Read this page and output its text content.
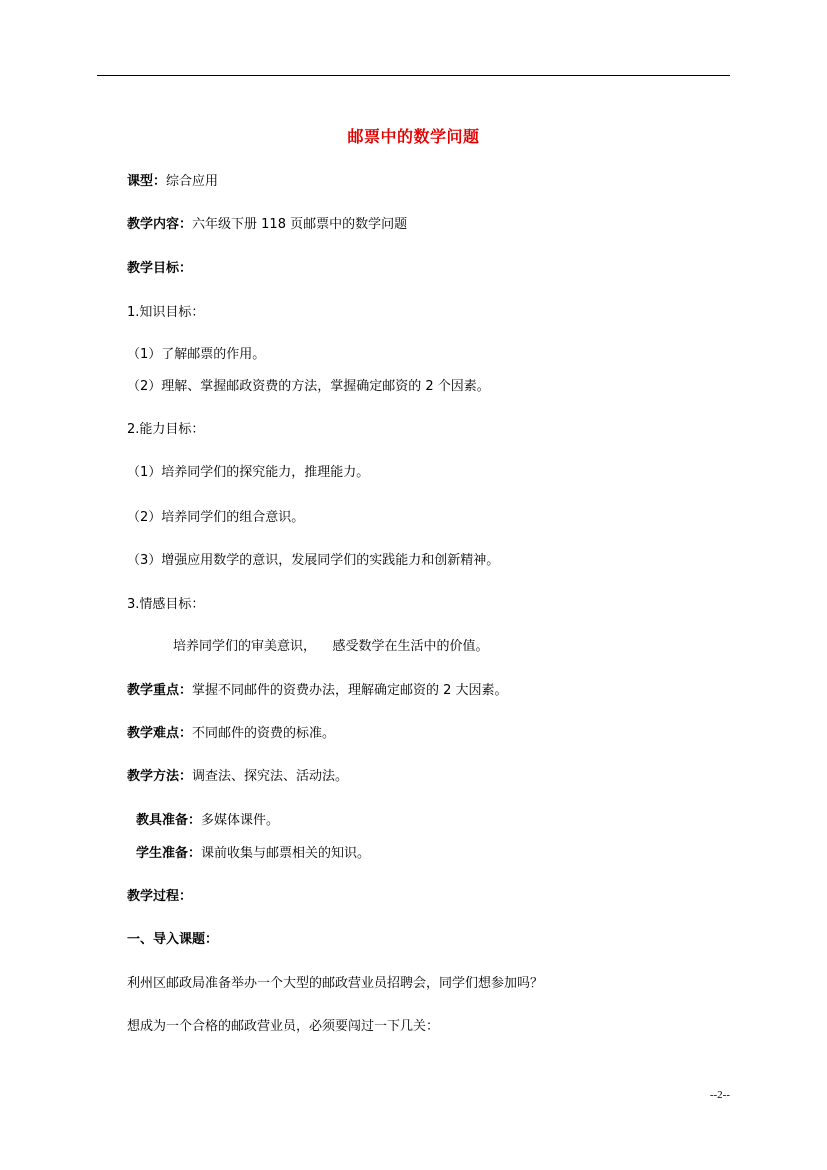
邮票中的数学问题
课型：综合应用
教学内容：六年级下册 118 页邮票中的数学问题
教学目标：
1.知识目标：
（1）了解邮票的作用。
（2）理解、掌握邮政资费的方法，掌握确定邮资的 2 个因素。
2.能力目标：
（1）培养同学们的探究能力，推理能力。
（2）培养同学们的组合意识。
（3）增强应用数学的意识，发展同学们的实践能力和创新精神。
3.情感目标：
培养同学们的审美意识，    感受数学在生活中的价值。
教学重点：掌握不同邮件的资费办法，理解确定邮资的 2 大因素。
教学难点：不同邮件的资费的标准。
教学方法：调查法、探究法、活动法。
教具准备：多媒体课件。
学生准备：课前收集与邮票相关的知识。
教学过程：
一、导入课题：
利州区邮政局准备举办一个大型的邮政营业员招聘会，同学们想参加吗？
想成为一个合格的邮政营业员，必须要闯过一下几关：
--2--
